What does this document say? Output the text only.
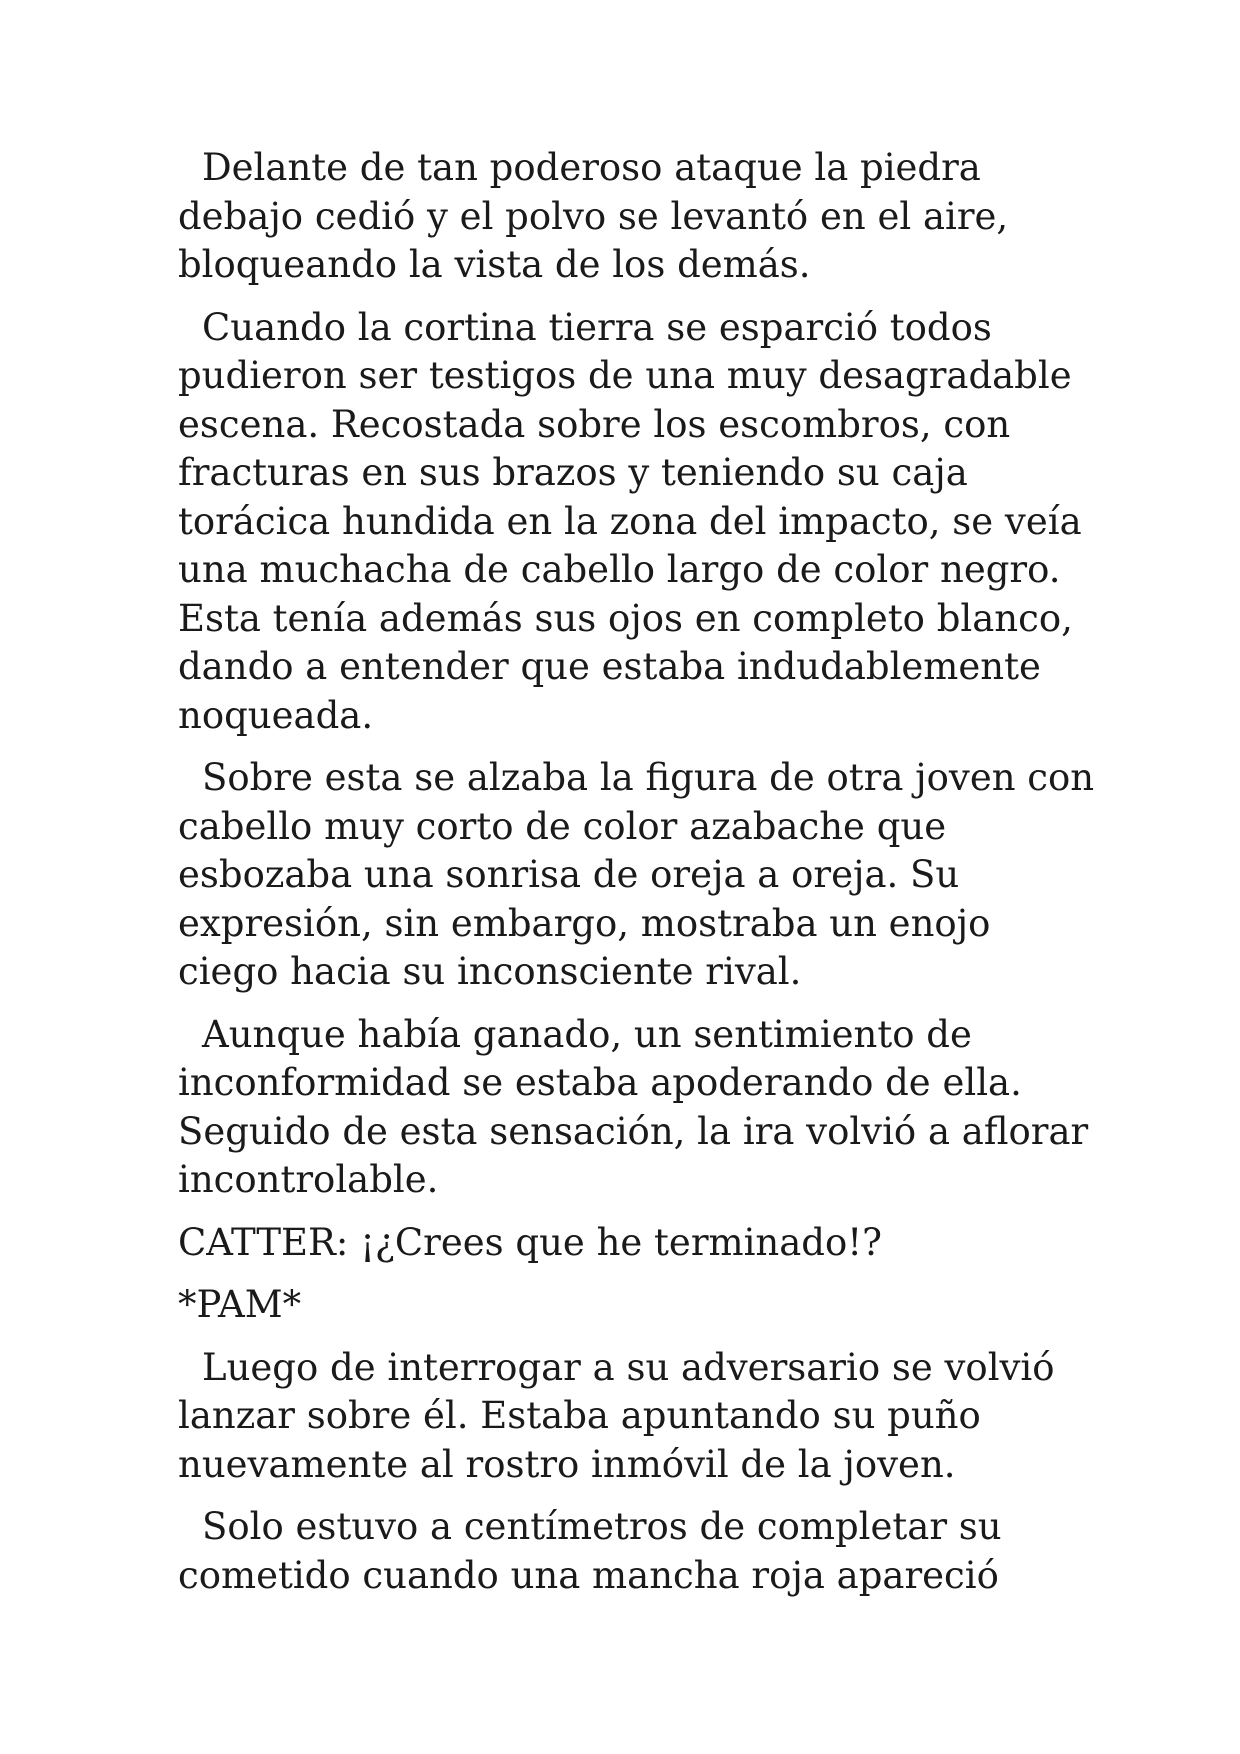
Delante de tan poderoso ataque la piedra
debajo cedió y el polvo se levantó en el aire,
bloqueando la vista de los demás.

Cuando la cortina tierra se esparció todos
pudieron ser testigos de una muy desagradable
escena. Recostada sobre los escombros, con
fracturas en sus brazos y teniendo su caja
torácica hundida en la zona del impacto, se veía
una muchacha de cabello largo de color negro.
Esta tenía además sus ojos en completo blanco,
dando a entender que estaba indudablemente
noqueada.

Sobre esta se alzaba la figura de otra joven con
cabello muy corto de color azabache que
esbozaba una sonrisa de oreja a oreja. Su
expresión, sin embargo, mostraba un enojo
ciego hacia su inconsciente rival.

Aunque había ganado, un sentimiento de
inconformidad se estaba apoderando de ella.
Seguido de esta sensación, la ira volvió a aflorar
incontrolable.

CATTER: ¡¿Crees que he terminado!?

*PAM*

Luego de interrogar a su adversario se volvió
lanzar sobre él. Estaba apuntando su puño
nuevamente al rostro inmóvil de la joven.

Solo estuvo a centímetros de completar su
cometido cuando una mancha roja apareció
